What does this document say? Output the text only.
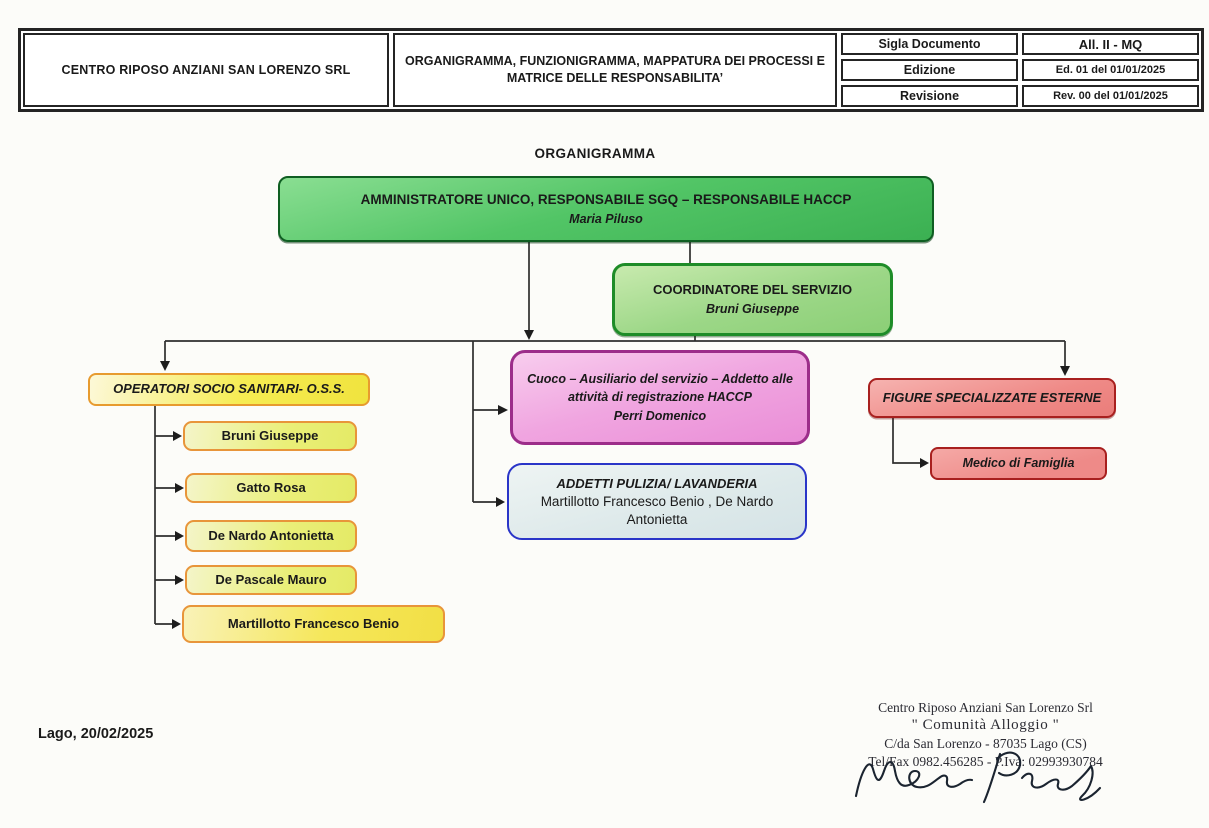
CENTRO RIPOSO ANZIANI SAN LORENZO SRL
ORGANIGRAMMA, FUNZIONIGRAMMA, MAPPATURA DEI PROCESSI E MATRICE DELLE RESPONSABILITA’
Sigla Documento	All. II - MQ
Edizione	Ed. 01 del 01/01/2025
Revisione	Rev. 00 del 01/01/2025
ORGANIGRAMMA
AMMINISTRATORE UNICO, RESPONSABILE SGQ – RESPONSABILE HACCP
Maria Piluso
COORDINATORE DEL SERVIZIO
Bruni Giuseppe
OPERATORI SOCIO SANITARI- O.S.S.
Bruni Giuseppe
Gatto Rosa
De Nardo Antonietta
De Pascale Mauro
Martillotto Francesco Benio
Cuoco – Ausiliario del servizio – Addetto alle attività di registrazione HACCP
Perri Domenico
ADDETTI PULIZIA/ LAVANDERIA
Martillotto Francesco Benio , De Nardo Antonietta
FIGURE SPECIALIZZATE ESTERNE
Medico di Famiglia
Lago, 20/02/2025
Centro Riposo Anziani San Lorenzo Srl
" Comunità Alloggio "
C/da San Lorenzo - 87035 Lago (CS)
Tel/Fax 0982.456285 - P.Iva: 02993930784
